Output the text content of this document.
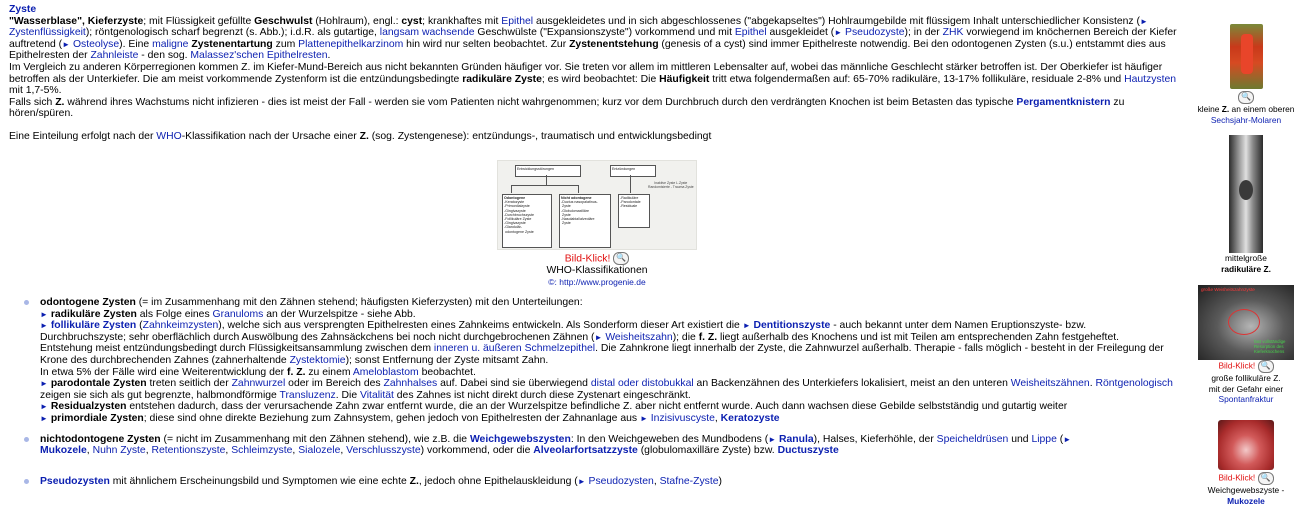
Zyste

"Wasserblase", Kieferzyste; mit Flüssigkeit gefüllte Geschwulst (Hohlraum), engl.: cyst; krankhaftes mit Epithel ausgekleidetes und in sich abgeschlossenes ("abgekapseltes") Hohlraumgebilde mit flüssigem Inhalt unterschiedlicher Konsistenz (► Zystenflüssigkeit); röntgenologisch scharf begrenzt (s. Abb.); i.d.R. als gutartige, langsam wachsende Geschwülste ("Expansionszyste") vorkommend und mit Epithel ausgekleidet (► Pseudozyste); in der ZHK vorwiegend im knöchernen Bereich der Kiefer auftretend (► Osteolyse). Eine maligne Zystenentartung zum Plattenepithelkarzinom hin wird nur selten beobachtet. Zur Zystenentstehung (genesis of a cyst) sind immer Epithelreste notwendig. Bei den odontogenen Zysten (s.u.) entstammt dies aus Epithelresten der Zahnleiste - den sog. Malassez'schen Epithelresten.

Im Vergleich zu anderen Körperregionen kommen Z. im Kiefer-Mund-Bereich aus nicht bekannten Gründen häufiger vor. Sie treten vor allem im mittleren Lebensalter auf, wobei das männliche Geschlecht stärker betroffen ist. Der Oberkiefer ist häufiger betroffen als der Unterkiefer. Die am meist vorkommende Zystenform ist die entzündungsbedingte radikuläre Zyste; es wird beobachtet: Die Häufigkeit tritt etwa folgendermaßen auf: 65-70% radikuläre, 13-17% follikuläre, residuale 2-8% und Hautzysten mit 1,7-5%.

Falls sich Z. während ihres Wachstums nicht infizieren - dies ist meist der Fall - werden sie vom Patienten nicht wahrgenommen; kurz vor dem Durchbruch durch den verdrängten Knochen ist beim Betasten das typische Pergamentknistern zu hören/spüren.

Eine Einteilung erfolgt nach der WHO-Klassifikation nach der Ursache einer Z. (sog. Zystengenese): entzündungs-, traumatisch und entwicklungsbedingt

Entwicklungsstörungen	Entzündungen
Odontogene
-Keratozyste
-Primordialzyste
-Gingivazyste
-Durchbruchszyste
-Follikuläre Zyste
-Gingivazyste
-Glandulär-
odontogene Zyste
Nicht odontogene
-Ductus nasopalatinus-
Zyste
-Globulomaxilläre
Zyste
-Nasolabial/alveoläre
Zyste
-Radikuläre
-Parodontale
-Residuale
Inaktive Zyste L.Zyste
Randomisierte - Trauma Zyste
Bild-Klick! 🔍
WHO-Klassifikationen
©: http://www.progenie.de
odontogene Zysten (= im Zusammenhang mit den Zähnen stehend; häufigsten Kieferzysten) mit den Unterteilungen:
► radikuläre Zysten als Folge eines Granuloms an der Wurzelspitze - siehe Abb.
► follikuläre Zysten (Zahnkeimzysten), welche sich aus versprengten Epithelresten eines Zahnkeims entwickeln. Als Sonderform dieser Art existiert die ► Dentitionszyste - auch bekannt unter dem Namen Eruptionszyste- bzw. Durchbruchszyste; sehr oberflächlich durch Auswölbung des Zahnsäckchens bei noch nicht durchgebrochenen Zähnen (► Weisheitszahn); die f. Z. liegt außerhalb des Knochens und ist mit Teilen am entsprechenden Zahn festgeheftet. Entstehung meist entzündungsbedingt durch Flüssigkeitsansammlung zwischen dem inneren u. äußeren Schmelzepithel. Die Zahnkrone liegt innerhalb der Zyste, die Zahnwurzel außerhalb. Therapie - falls möglich - besteht in der Freilegung der Krone des durchbrechenden Zahnes (zahnerhaltende Zystektomie); sonst Entfernung der Zyste mitsamt Zahn.
In etwa 5% der Fälle wird eine Weiterentwicklung der f. Z. zu einem Ameloblastom beobachtet.
► parodontale Zysten treten seitlich der Zahnwurzel oder im Bereich des Zahnhalses auf. Dabei sind sie überwiegend distal oder distobukkal an Backenzähnen des Unterkiefers lokalisiert, meist an den unteren Weisheitszähnen. Röntgenologisch zeigen sie sich als gut begrenzte, halbmondförmige Transluzenz. Die Vitalität des Zahnes ist nicht direkt durch diese Zystenart eingeschränkt.
► Residualzysten entstehen dadurch, dass der verursachende Zahn zwar entfernt wurde, die an der Wurzelspitze befindliche Z. aber nicht entfernt wurde. Auch dann wachsen diese Gebilde selbstständig und gutartig weiter
► primordiale Zysten; diese sind ohne direkte Beziehung zum Zahnsystem, gehen jedoch von Epithelresten der Zahnanlage aus ► Inzisivuscyste, Keratozyste
nichtodontogene Zysten (= nicht im Zusammenhang mit den Zähnen stehend), wie z.B. die Weichgewebszysten: In den Weichgeweben des Mundbodens (► Ranula), Halses, Kieferhöhle, der Speicheldrüsen und Lippe (►
Mukozele, Nuhn Zyste, Retentionszyste, Schleimzyste, Sialozele, Verschlusszyste) vorkommend, oder die Alveolarfortsatzzyste (globulomaxilläre Zyste) bzw. Ductuszyste
Pseudozysten mit ähnlichem Erscheinungsbild und Symptomen wie eine echte Z., jedoch ohne Epithelauskleidung (► Pseudozysten, Stafne-Zyste)
🔍
kleine Z. an einem oberen
Sechsjahr-Molaren
mittelgroße
radikuläre Z.
große Weisheitszahnzyste
fast vollständige Resorption des Kieferknochens
Bild-Klick! 🔍
große follikuläre Z.
mit der Gefahr einer
Spontanfraktur
Bild-Klick! 🔍
Weichgewebszyste -
Mukozele
